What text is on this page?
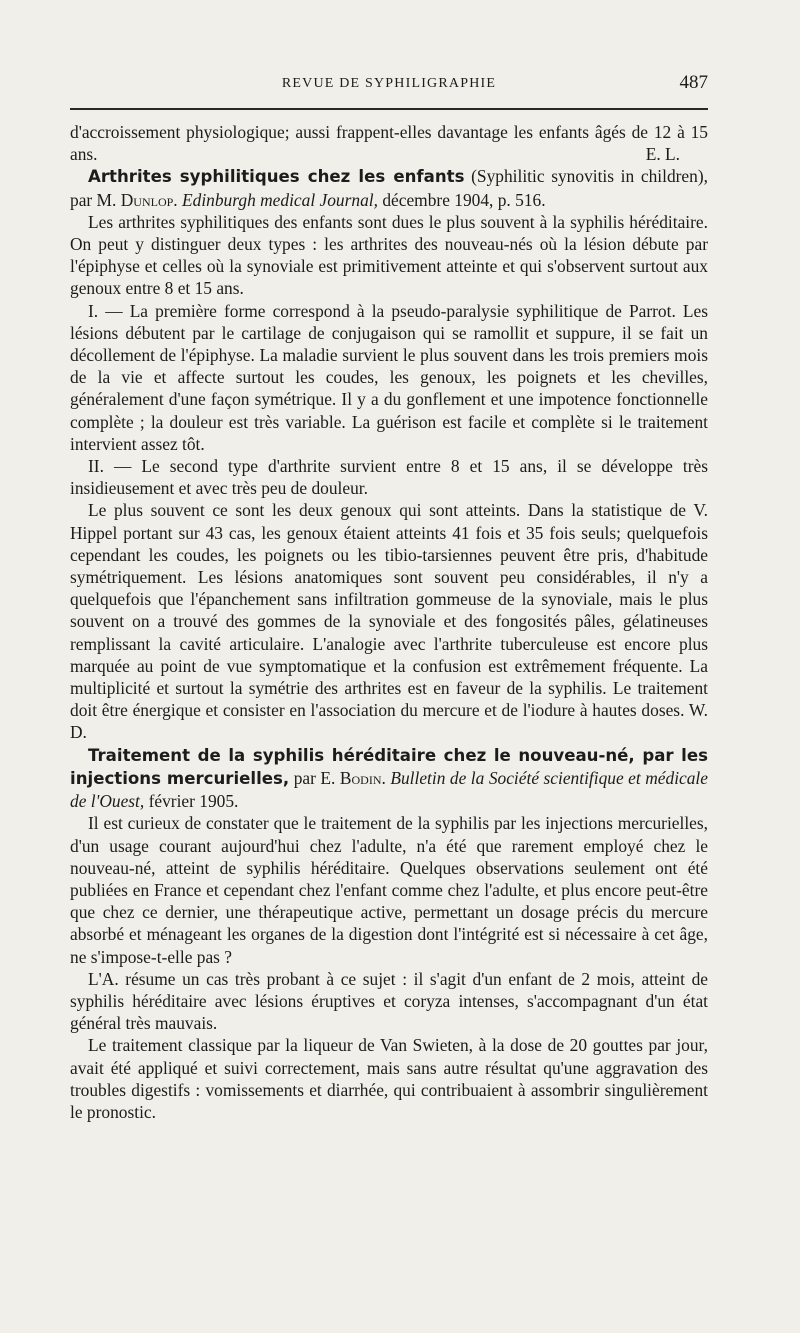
REVUE DE SYPHILIGRAPHIE	487

d'accroissement physiologique; aussi frappent-elles davantage les enfants âgés de 12 à 15 ans.	E. L.

Arthrites syphilitiques chez les enfants (Syphilitic synovitis in children), par M. Dunlop. Edinburgh medical Journal, décembre 1904, p. 516.

Les arthrites syphilitiques des enfants sont dues le plus souvent à la syphilis héréditaire. On peut y distinguer deux types : les arthrites des nouveau-nés où la lésion débute par l'épiphyse et celles où la synoviale est primitivement atteinte et qui s'observent surtout aux genoux entre 8 et 15 ans.

I. — La première forme correspond à la pseudo-paralysie syphilitique de Parrot. Les lésions débutent par le cartilage de conjugaison qui se ramollit et suppure, il se fait un décollement de l'épiphyse. La maladie survient le plus souvent dans les trois premiers mois de la vie et affecte surtout les coudes, les genoux, les poignets et les chevilles, généralement d'une façon symétrique. Il y a du gonflement et une impotence fonctionnelle complète ; la douleur est très variable. La guérison est facile et complète si le traitement intervient assez tôt.

II. — Le second type d'arthrite survient entre 8 et 15 ans, il se développe très insidieusement et avec très peu de douleur.

Le plus souvent ce sont les deux genoux qui sont atteints. Dans la statistique de V. Hippel portant sur 43 cas, les genoux étaient atteints 41 fois et 35 fois seuls; quelquefois cependant les coudes, les poignets ou les tibio-tarsiennes peuvent être pris, d'habitude symétriquement. Les lésions anatomiques sont souvent peu considérables, il n'y a quelquefois que l'épanchement sans infiltration gommeuse de la synoviale, mais le plus souvent on a trouvé des gommes de la synoviale et des fongosités pâles, gélatineuses remplissant la cavité articulaire. L'analogie avec l'arthrite tuberculeuse est encore plus marquée au point de vue symptomatique et la confusion est extrêmement fréquente. La multiplicité et surtout la symétrie des arthrites est en faveur de la syphilis. Le traitement doit être énergique et consister en l'association du mercure et de l'iodure à hautes doses. W. D.

Traitement de la syphilis héréditaire chez le nouveau-né, par les injections mercurielles, par E. Bodin. Bulletin de la Société scientifique et médicale de l'Ouest, février 1905.

Il est curieux de constater que le traitement de la syphilis par les injections mercurielles, d'un usage courant aujourd'hui chez l'adulte, n'a été que rarement employé chez le nouveau-né, atteint de syphilis héréditaire. Quelques observations seulement ont été publiées en France et cependant chez l'enfant comme chez l'adulte, et plus encore peut-être que chez ce dernier, une thérapeutique active, permettant un dosage précis du mercure absorbé et ménageant les organes de la digestion dont l'intégrité est si nécessaire à cet âge, ne s'impose-t-elle pas ?

L'A. résume un cas très probant à ce sujet : il s'agit d'un enfant de 2 mois, atteint de syphilis héréditaire avec lésions éruptives et coryza intenses, s'accompagnant d'un état général très mauvais.

Le traitement classique par la liqueur de Van Swieten, à la dose de 20 gouttes par jour, avait été appliqué et suivi correctement, mais sans autre résultat qu'une aggravation des troubles digestifs : vomissements et diarrhée, qui contribuaient à assombrir singulièrement le pronostic.
